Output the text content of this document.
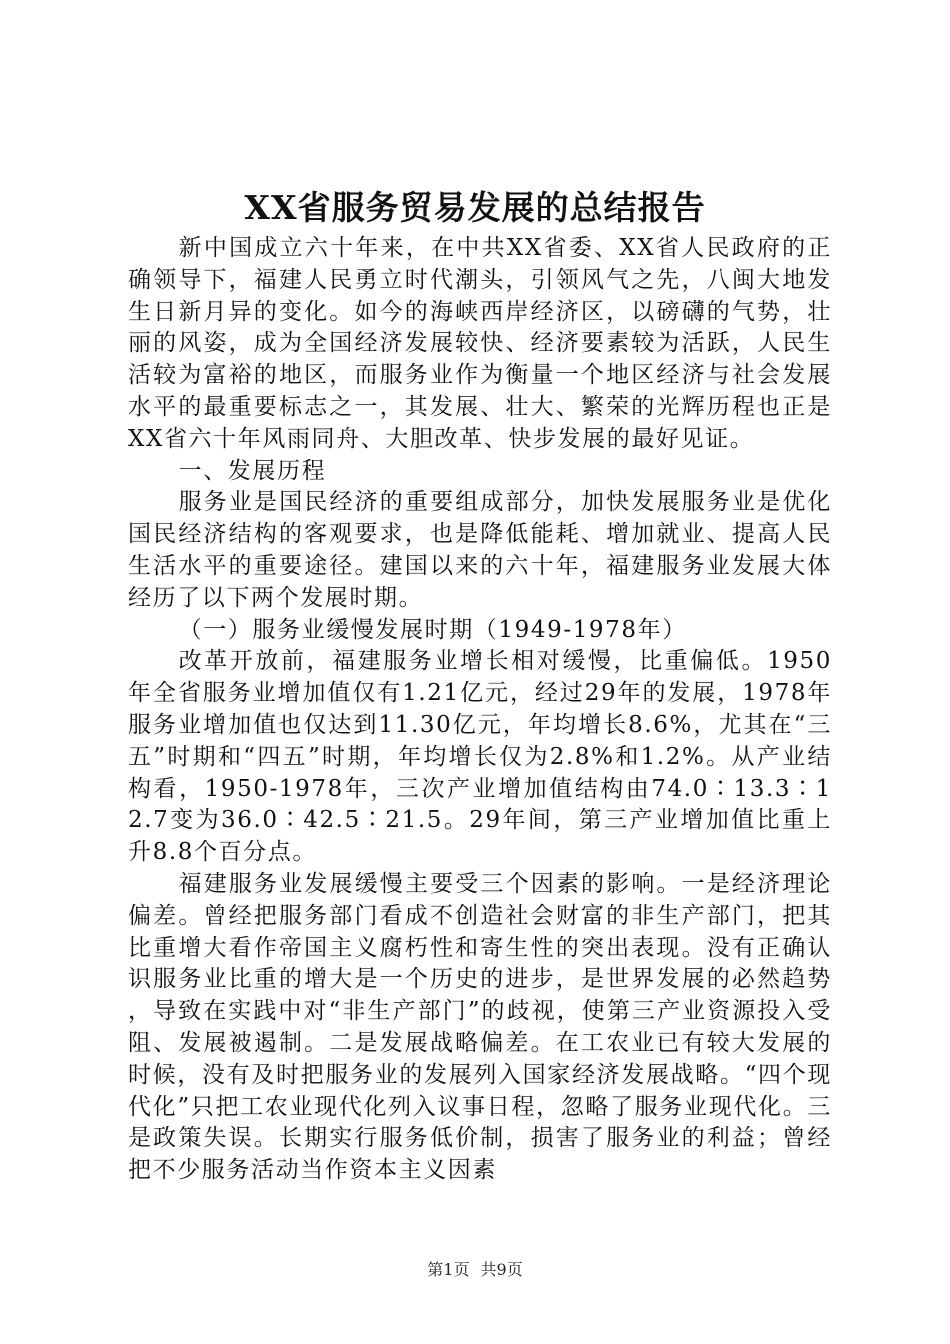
XX省服务贸易发展的总结报告

新中国成立六十年来，在中共XX省委、XX省人民政府的正确领导下，福建人民勇立时代潮头，引领风气之先，八闽大地发生日新月异的变化。如今的海峡西岸经济区，以磅礴的气势，壮丽的风姿，成为全国经济发展较快、经济要素较为活跃，人民生活较为富裕的地区，而服务业作为衡量一个地区经济与社会发展水平的最重要标志之一，其发展、壮大、繁荣的光辉历程也正是XX省六十年风雨同舟、大胆改革、快步发展的最好见证。

一、发展历程

服务业是国民经济的重要组成部分，加快发展服务业是优化国民经济结构的客观要求，也是降低能耗、增加就业、提高人民生活水平的重要途径。建国以来的六十年，福建服务业发展大体经历了以下两个发展时期。

（一）服务业缓慢发展时期（1949-1978年）

改革开放前，福建服务业增长相对缓慢，比重偏低。1950年全省服务业增加值仅有1.21亿元，经过29年的发展，1978年服务业增加值也仅达到11.30亿元，年均增长8.6%，尤其在“三五”时期和“四五”时期，年均增长仅为2.8%和1.2%。从产业结构看，1950-1978年，三次产业增加值结构由74.0∶13.3∶12.7变为36.0∶42.5∶21.5。29年间，第三产业增加值比重上升8.8个百分点。

福建服务业发展缓慢主要受三个因素的影响。一是经济理论偏差。曾经把服务部门看成不创造社会财富的非生产部门，把其比重增大看作帝国主义腐朽性和寄生性的突出表现。没有正确认识服务业比重的增大是一个历史的进步，是世界发展的必然趋势，导致在实践中对“非生产部门”的歧视，使第三产业资源投入受阻、发展被遏制。二是发展战略偏差。在工农业已有较大发展的时候，没有及时把服务业的发展列入国家经济发展战略。“四个现代化”只把工农业现代化列入议事日程，忽略了服务业现代化。三是政策失误。长期实行服务低价制，损害了服务业的利益；曾经把不少服务活动当作资本主义因素

第1页 共9页
